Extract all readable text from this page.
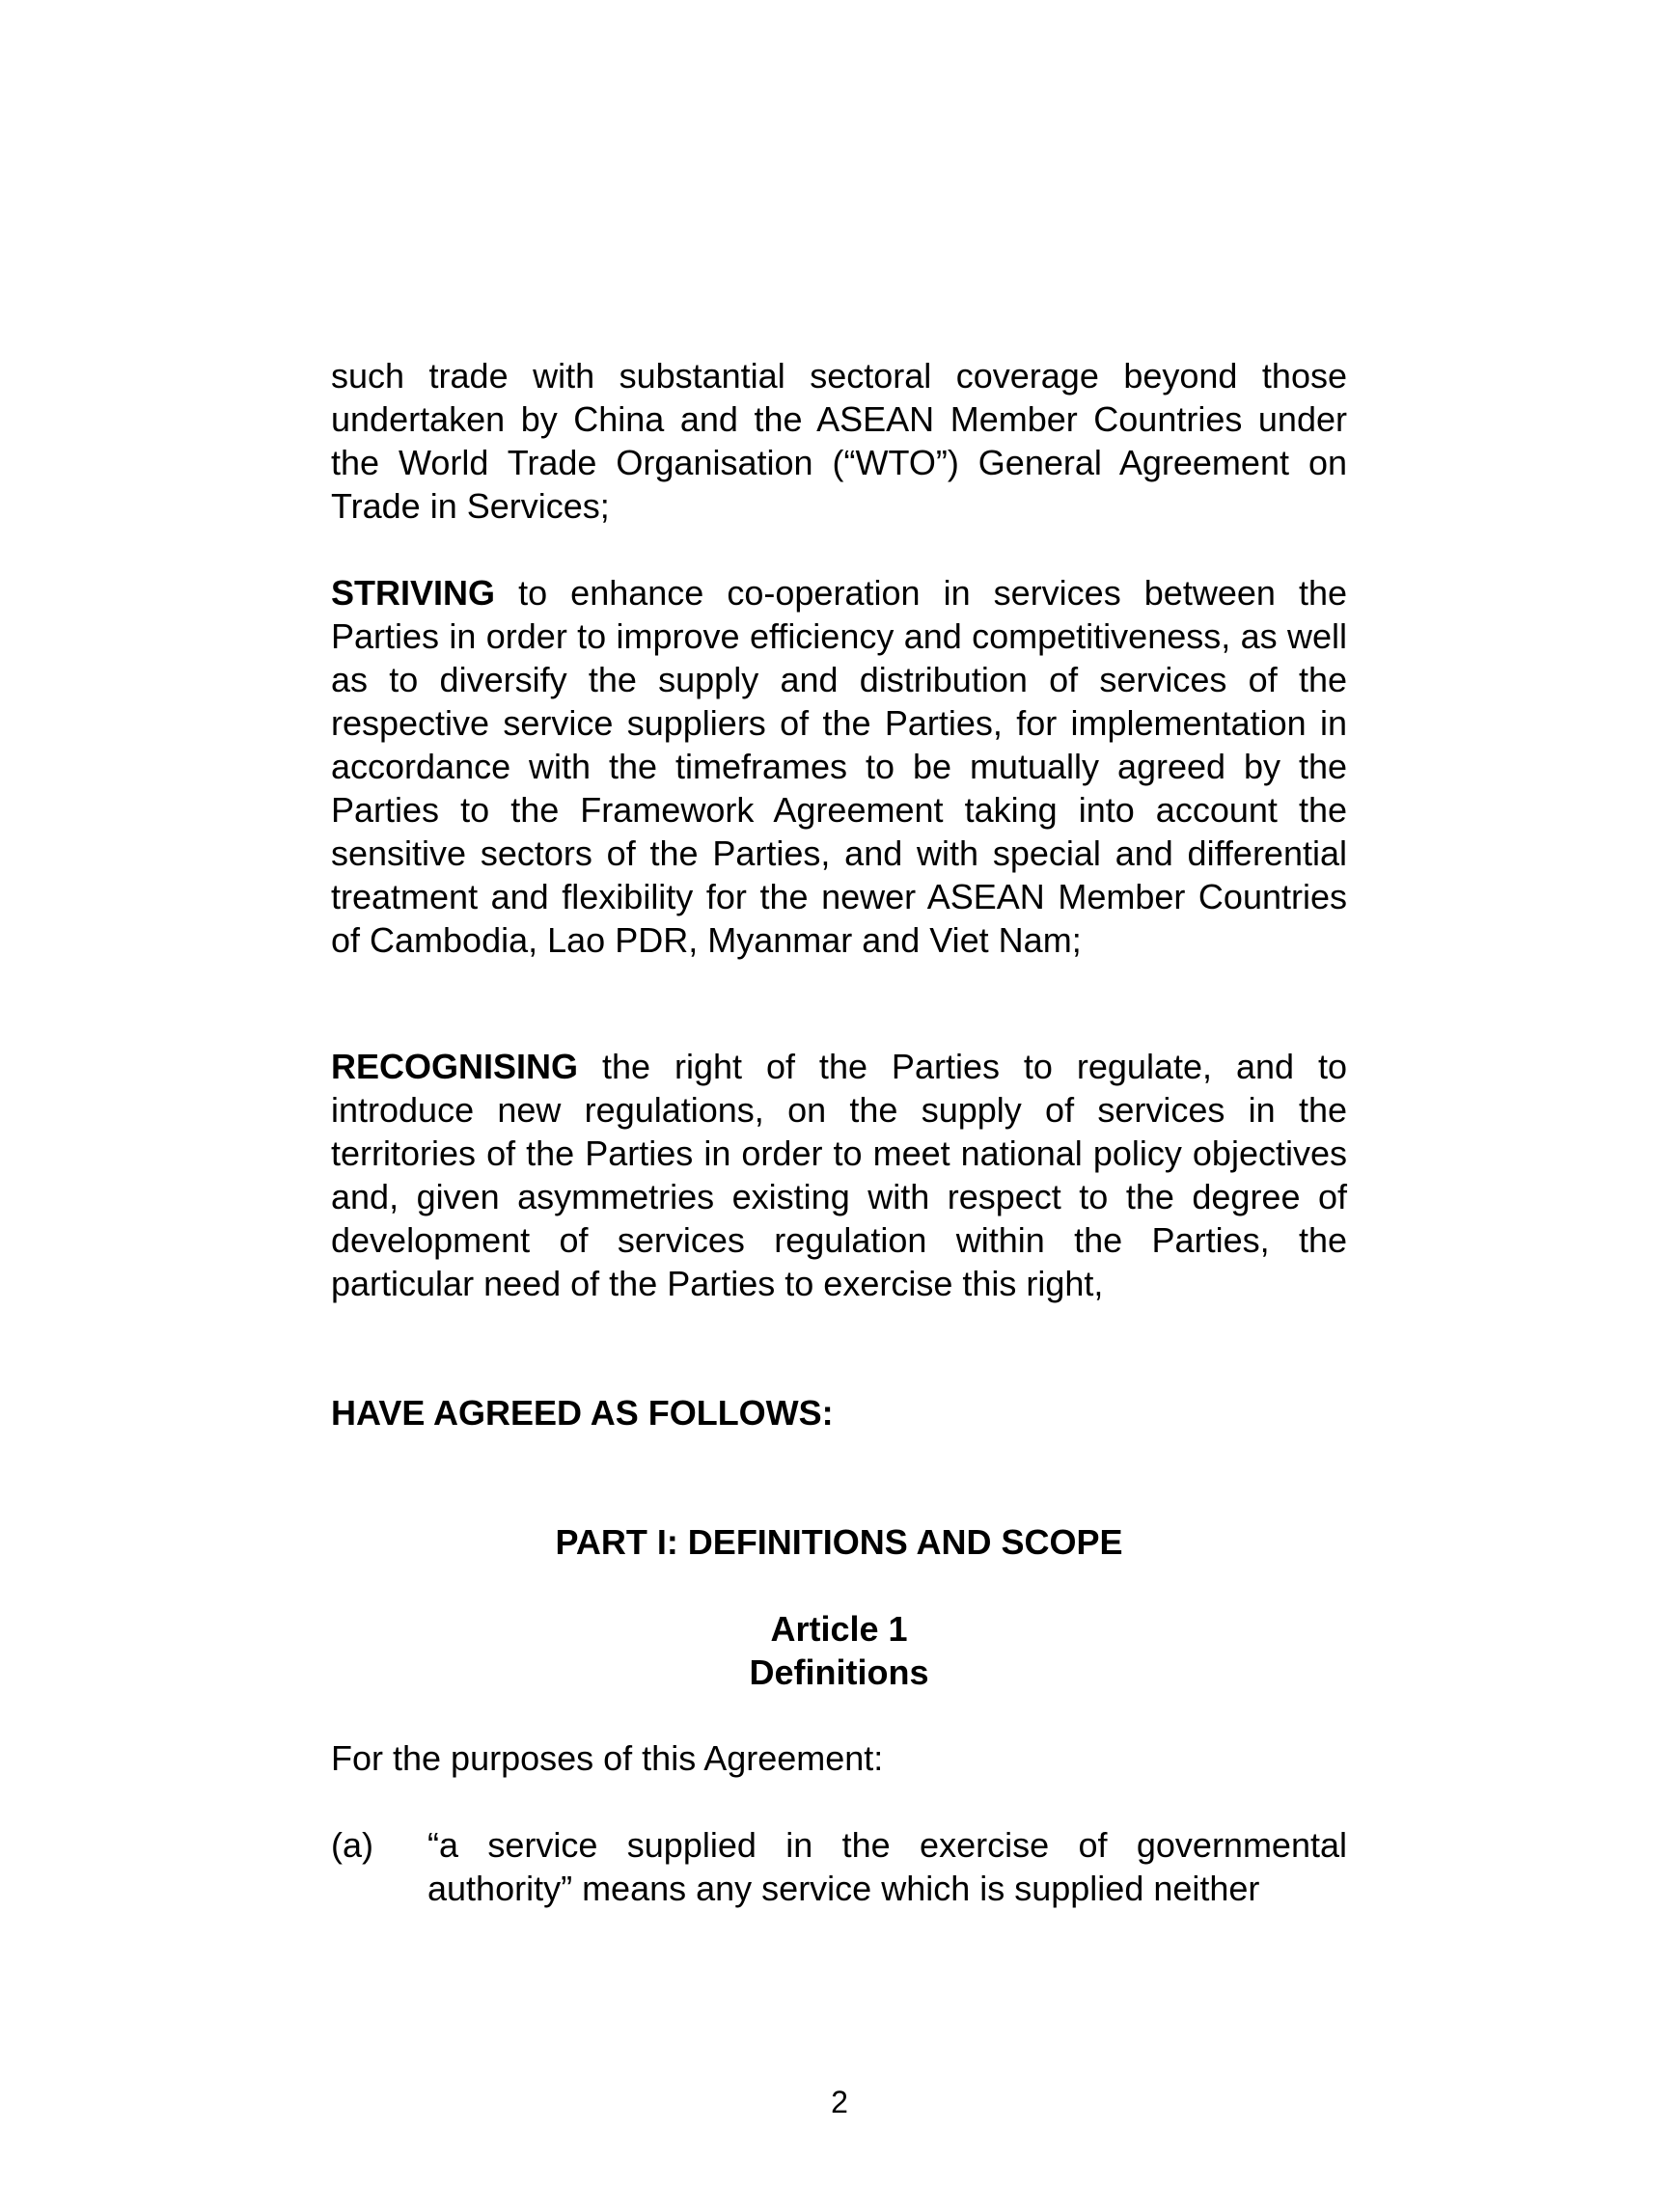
such trade with substantial sectoral coverage beyond those undertaken by China and the ASEAN Member Countries under the World Trade Organisation (“WTO”) General Agreement on Trade in Services;

STRIVING to enhance co-operation in services between the Parties in order to improve efficiency and competitiveness, as well as to diversify the supply and distribution of services of the respective service suppliers of the Parties, for implementation in accordance with the timeframes to be mutually agreed by the Parties to the Framework Agreement taking into account the sensitive sectors of the Parties, and with special and differential treatment and flexibility for the newer ASEAN Member Countries of Cambodia, Lao PDR, Myanmar and Viet Nam;

RECOGNISING the right of the Parties to regulate, and to introduce new regulations, on the supply of services in the territories of the Parties in order to meet national policy objectives and, given asymmetries existing with respect to the degree of development of services regulation within the Parties, the particular need of the Parties to exercise this right,

HAVE AGREED AS FOLLOWS:

PART I: DEFINITIONS AND SCOPE

Article 1

Definitions

For the purposes of this Agreement:

(a) “a service supplied in the exercise of governmental authority” means any service which is supplied neither

2
